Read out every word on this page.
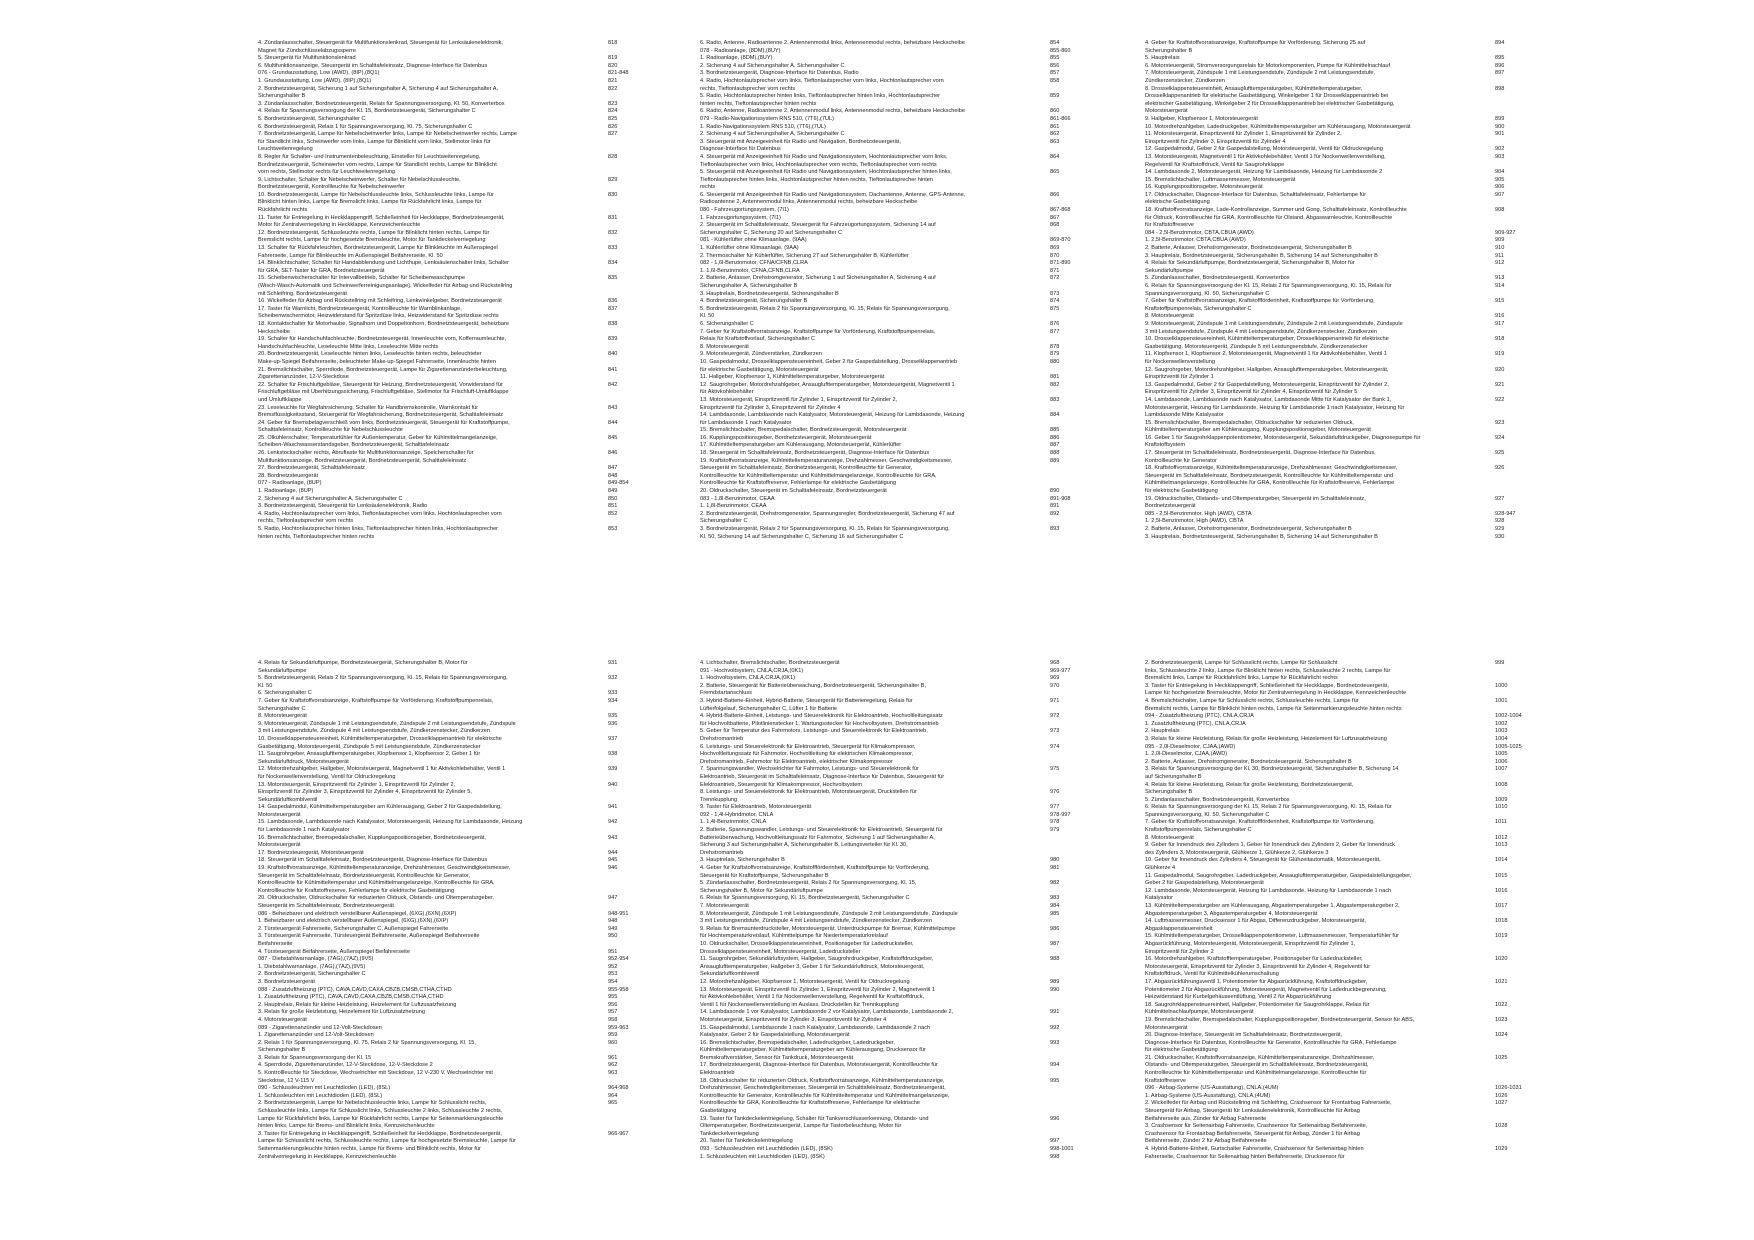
4. Zündanlassschalter, Steuergerät für Multifunktionslenkrad, Steuergerät für Lenksäulenelektronik,	818
Magnet für Zündschlüsselabzugssperre
5. Steuergerät für Multifunktionslenkrad	819
6. Multifunktionsanzeige, Steuergerät im Schalttafeleinsatz, Diagnose-Interface für Datenbus	820
076 - Grundausstattung, Low (AWD), (8IP),(8Q1)	821-848
1. Grundausstattung, Low (AWD), (8IP),(8Q1)	821
2. Bordnetzsteuergerät, Sicherung 1 auf Sicherungshalter A, Sicherung 4 auf Sicherungshalter A,	822
Sicherungshalter B
3. Zündanlassschalter, Bordnetzsteuergerät, Relais für Spannungsversorgung, Kl. 50, Konverterbox	823
4. Relais für Spannungsversorgung der Kl. 15, Bordnetzsteuergerät, Sicherungshalter C	824
5. Bordnetzsteuergerät, Sicherungshalter C	825
6. Bordnetzsteuergerät, Relais 1 für Spannungsversorgung, Kl. 75, Sicherungshalter C	826
7. Bordnetzsteuergerät, Lampe für Nebelscheinwerfer links, Lampe für Nebelscheinwerfer rechts, Lampe	827
für Standlicht links, Scheinwerfer vorn links, Lampe für Blinklicht vorn links, Stellmotor links für
Leuchtweitenregelung
8. Regler für Schalter- und Instrumentenbeleuchtung, Einsteller für Leuchtweitenregelung,	828
Bordnetzsteuergerät, Scheinwerfer vorn rechts, Lampe für Standlicht rechts, Lampe für Blinklicht
vorn rechts, Stellmotor rechts für Leuchtweitenregelung
9. Lichtschalter, Schalter für Nebelscheinwerfer, Schalter für Nebelschlussleuchte,	829
Bordnetzsteuergerät, Kontrollleuchte für Nebelscheinwerfer
10. Bordnetzsteuergerät, Lampe für Nebelschlussleuchte links, Schlussleuchte links, Lampe für	830
Blinklicht hinten links, Lampe für Bremslicht links, Lampe für Rückfahrlicht links, Lampe für
Rückfahrlicht rechts
11. Taster für Entriegelung in Heckklappengriff, Schließeinheit für Heckklappe, Bordnetzsteuergerät,	831
Motor für Zentralverriegelung in Heckklappe, Kennzeichenleuchte
12. Bordnetzsteuergerät, Schlussleuchte rechts, Lampe für Blinklicht hinten rechts, Lampe für	832
Bremslicht rechts, Lampe für hochgesetzte Bremsleuchte, Motor für Tankdeckelverriegelung
13. Schalter für Rückfahrleuchten, Bordnetzsteuergerät, Lampe für Blinkleuchte im Außenspiegel	833
Fahrerseite, Lampe für Blinkleuchte im Außenspiegel Beifahrerseite, Kl. 50
14. Blinklichtschalter, Schalter für Handabblendung und Lichthupe, Lenksäulenschalter links, Schalter	834
für GRA, SET-Taster für GRA, Bordnetzsteuergerät
15. Scheibenwischerschalter für Intervallbetrieb, Schalter für Scheibenwaschpumpe	835
(Wisch-Wasch-Automatik und Scheinwerferreinigungsanlage), Wickelfeder für Airbag und Rückstellring
mit Schleifring, Bordnetzsteuergerät
16. Wickelfeder für Airbag und Rückstellring mit Schleifring, Lenkwinkelgeber, Bordnetzsteuergerät	836
17. Taster für Warnlicht, Bordnetzsteuergerät, Kontrollleuchte für Warnblinkanlage,	837
Scheibenwischermotor, Heizwiderstand für Spritzdüse links, Heizwiderstand für Spritzdüse rechts
18. Kontaktschalter für Motorhaube, Signalhorn und Doppeltonhorn, Bordnetzsteuergerät, beheizbare	838
Heckscheibe
19. Schalter für Handschuhfachleuchte, Bordnetzsteuergerät, Innenleuchte vorn, Kofferraumleuchte,	839
Handschuhfachleuchte, Leseleuchte Mitte links, Leseleuchte Mitte rechts
20. Bordnetzsteuergerät, Leseleuchte hinten links, Leseleuchte hinten rechts, beleuchteter	840
Make-up-Spiegel Beifahrerseite, beleuchteter Make-up-Spiegel Fahrerseite, Innenleuchte hinten
21. Bremslichtschalter, Sperrdiode, Bordnetzsteuergerät, Lampe für Zigarettenanzünderbeleuchtung,	841
Zigarettenanzünder, 12-V-Steckdose
22. Schalter für Frischluftgebläse, Steuergerät für Heizung, Bordnetzsteuergerät, Vorwiderstand für	842
Frischluftgebläse mit Überhitzungssicherung, Frischluftgebläse, Stellmotor für Frischluft-Umluftklappe
und Umluftklappe
23. Leseleuchte für Wegfahrsicherung, Schalter für Handbremskontrolle, Warnkontakt für	843
Bremsflüssigkeitsstand, Steuergerät für Wegfahrsicherung, Bordnetzsteuergerät, Schalttafeleinsatz
24. Geber für Bremsbelagverschleiß vorn links, Bordnetzsteuergerät, Steuergerät für Kraftstoffpumpe,	844
Schalttafeleinsatz, Kontrollleuchte für Nebelschlussleuchte
25. Ölkühlerschalter, Temperaturfühler für Außentemperatur, Geber für Kühlmittelmangelanzeige,	845
Scheiben-Waschwasserstandsgeber, Bordnetzsteuergerät, Schalttafeleinsatz
26. Lenkstockschalter rechts, Abruftaste für Multifunktionsanzeige, Speicherschalter für	846
Multifunktionsanzeige, Bordnetzsteuergerät, Bordnetzsteuergerät, Schalttafeleinsatz
27. Bordnetzsteuergerät, Schalttafeleinsatz	847
28. Bordnetzsteuergerät	848
077 - Radioanlage, (8UP)	849-854
1. Radioanlage, (8UP)	849
2. Sicherung 4 auf Sicherungshalter A, Sicherungshalter C	850
3. Bordnetzsteuergerät, Steuergerät für Lenksäulenelektronik, Radio	851
4. Radio, Hochtonlautsprecher vorn links, Tieftonlautsprecher vorn links, Hochtonlautsprecher vorn	852
rechts, Tieftonlautsprecher vorn rechts
5. Radio, Hochtonlautsprecher hinten links, Tieftonlautsprecher hinten links, Hochtonlautsprecher	853
hinten rechts, Tieftonlautsprecher hinten rechts
6. Radio, Antenne, Radioantenne 2, Antennenmodul links, Antennenmodul rechts, beheizbare Heckscheibe	854
078 - Radioanlage, (8DM),(8UY)	855-860
1. Radioanlage, (8DM),(8UY)	855
2. Sicherung 4 auf Sicherungshalter A, Sicherungshalter C	856
3. Bordnetzsteuergerät, Diagnose-Interface für Datenbus, Radio	857
4. Radio, Hochtonlautsprecher vorn links, Tieftonlautsprecher vorn links, Hochtonlautsprecher vorn	858
rechts, Tieftonlautsprecher vorn rechts
5. Radio, Hochtonlautsprecher hinten links, Tieftonlautsprecher hinten links, Hochtonlautsprecher	859
hinten rechts, Tieftonlautsprecher hinten rechts
6. Radio, Antenne, Radioantenne 2, Antennenmodul links, Antennenmodul rechts, beheizbare Heckscheibe	860
079 - Radio-Navigationssystem RNS 510, (7T6),(7UL)	861-866
1. Radio-Navigationssystem RNS 510, (7T6),(7UL)	861
2. Sicherung 4 auf Sicherungshalter A, Sicherungshalter C	862
3. Steuergerät mit Anzeigeeinheit für Radio und Navigation, Bordnetzsteuergerät,	863
Diagnose-Interface für Datenbus
4. Steuergerät mit Anzeigeeinheit für Radio und Navigationssystem, Hochtonlautsprecher vorn links,	864
Tieftonlautsprecher vorn links, Hochtonlautsprecher vorn rechts, Tieftonlautsprecher vorn rechts
5. Steuergerät mit Anzeigeeinheit für Radio und Navigationssystem, Hochtonlautsprecher hinten links,	865
Tieftonlautsprecher hinten links, Hochtonlautsprecher hinten rechts, Tieftonlautsprecher hinten
rechts
6. Steuergerät mit Anzeigeeinheit für Radio und Navigationssystem, Dachantenne, Antenne, GPS-Antenne,	866
Radioantenne 2, Antennenmodul links, Antennenmodul rechts, beheizbare Heckscheibe
080 - Fahrzeugortungssystem, (7I1)	867-868
1. Fahrzeugortungssystem, (7I1)	867
2. Steuergerät im Schalttafeleinsatz, Steuergerät für Fahrzeugortungssystem, Sicherung 14 auf	868
Sicherungshalter C, Sicherung 20 auf Sicherungshalter C
081 - Kühlerlüfter ohne Klimaanlage, (9AA)	869-870
1. Kühlerlüfter ohne Klimaanlage, (9AA)	869
2. Thermoschalter für Kühlerlüfter, Sicherung 27 auf Sicherungshalter B, Kühlerlüfter	870
082 - 1,6l-Benzinmotor, CFNA/CFNB,CLRA	871-890
1. 1,6l-Benzinmotor, CFNA,CFNB,CLRA	871
2. Batterie, Anlasser, Drehstromgenerator, Sicherung 1 auf Sicherungshalter A, Sicherung 4 auf	872
Sicherungshalter A, Sicherungshalter B
3. Hauptrelais, Bordnetzsteuergerät, Sicherungshalter B	873
4. Bordnetzsteuergerät, Sicherungshalter B	874
5. Bordnetzsteuergerät, Relais 2 für Spannungsversorgung, Kl. 15, Relais für Spannungsversorgung,	875
Kl. 50
6. Sicherungshalter C	876
7. Geber für Kraftstoffvorratsanzeige, Kraftstoffpumpe für Vorförderung, Kraftstoffpumpenrelais,	877
Relais für Kraftstoffvorlauf, Sicherungshalter C
8. Motorsteuergerät	878
9. Motorsteuergerät, Zündverstärker, Zündkerzen	879
10. Gaspedalmodul, Drosselklappensteuereinheit, Geber 2 für Gaspedalstellung, Drosselklappenantrieb	880
für elektrische Gasbetätigung, Motorsteuergerät
11. Hallgeber, Klopfsensor 1, Kühlmitteltemperaturgeber, Motorsteuergerät	881
12. Saugrohrgeber, Motordrehzahlgeber, Ansauglufttemperaturgeber, Motorsteuergerät, Magnetventil 1	882
für Aktivkohlebehälter
13. Motorsteuergerät, Einspritzventil für Zylinder 1, Einspritzventil für Zylinder 2,	883
Einspritzventil für Zylinder 3, Einspritzventil für Zylinder 4
14. Lambdasonde, Lambdasonde nach Katalysator, Motorsteuergerät, Heizung für Lambdasonde, Heizung	884
für Lambdasonde 1 nach Katalysator
15. Bremslichtschalter, Bremspedalschalter, Bordnetzsteuergerät, Motorsteuergerät	885
16. Kupplungspositionsgeber, Bordnetzsteuergerät, Motorsteuergerät	886
17. Kühlmitteltemperaturgeber am Kühlerausgang, Motorsteuergerät, Kühlerlüfter	887
18. Steuergerät im Schalttafeleinsatz, Bordnetzsteuergerät, Diagnose-Interface für Datenbus	888
19. Kraftstoffvorratsanzeige, Kühlmitteltemperaturanzeige, Drehzahlmesser, Geschwindigkeitsmesser,	889
Steuergerät im Schalttafeleinsatz, Bordnetzsteuergerät, Kontrollleuchte für Generator,
Kontrollleuchte für Kühlmitteltemperatur und Kühlmittelmangelanzeige, Kontrollleuchte für GRA,
Kontrollleuchte für Kraftstoffreserve, Fehlerlampe für elektrische Gasbetätigung
20. Öldruckschalter, Steuergerät im Schalttafeleinsatz, Bordnetzsteuergerät	890
083 - 1,8l-Benzinmotor, CEAA	891-908
1. 1,8l-Benzinmotor, CEAA	891
2. Bordnetzsteuergerät, Drehstromgenerator, Spannungsregler, Bordnetzsteuergerät, Sicherung 47 auf	892
Sicherungshalter C
3. Bordnetzsteuergerät, Relais 2 für Spannungsversorgung, Kl. 15, Relais für Spannungsversorgung,	893
Kl. 50, Sicherung 14 auf Sicherungshalter C, Sicherung 16 auf Sicherungshalter C
4. Geber für Kraftstoffvorratsanzeige, Kraftstoffpumpe für Vorförderung, Sicherung 25 auf	894
Sicherungshalter B
5. Hauptrelais	895
6. Motorsteuergerät, Stromversorgungsrelais für Motorkomponenten, Pumpe für Kühlmittelnachlauf	896
7. Motorsteuergerät, Zündspule 1 mit Leistungsendstufe, Zündspule 2 mit Leistungsendstufe,	897
Zündkerzenstecker, Zündkerzen
8. Drosselklappensteuereinheit, Ansauglufttemperaturgeber, Kühlmitteltemperaturgeber,	898
Drosselklappenantrieb für elektrische Gasbetätigung, Winkelgeber 1 für Drosselklappenantrieb bei
elektrischer Gasbetätigung, Winkelgeber 2 für Drosselklappenantrieb bei elektrischer Gasbetätigung,
Motorsteuergerät
9. Hallgeber, Klopfsensor 1, Motorsteuergerät	899
10. Motordrehzahlgeber, Ladedruckgeber, Kühlmitteltemperaturgeber am Kühlerausgang, Motorsteuergerät	900
11. Motorsteuergerät, Einspritzventil für Zylinder 1, Einspritzventil für Zylinder 2,	901
Einspritzventil für Zylinder 3, Einspritzventil für Zylinder 4
12. Gaspedalmodul, Geber 2 für Gaspedalstellung, Motorsteuergerät, Ventil für Öldruckregelung	902
13. Motorsteuergerät, Magnetventil 1 für Aktivkohlebehälter, Ventil 1 für Nockenwellenverstellung,	903
Regelventil für Kraftstoffdruck, Ventil für Saugrohrklappe
14. Lambdasonde 2, Motorsteuergerät, Heizung für Lambdasonde, Heizung für Lambdasonde 2	904
15. Bremslichtschalter, Luftmassenmesser, Motorsteuergerät	905
16. Kupplungspositionsgeber, Motorsteuergerät	906
17. Öldruckschalter, Diagnose-Interface für Datenbus, Schalttafeleinsatz, Fehlerlampe für	907
elektrische Gasbetätigung
18. Kraftstoffvorratsanzeige, Lade-Kontrollanzeige, Summer und Gong, Schalttafeleinsatz, Kontrollleuchte	908
für Öldruck, Kontrollleuchte für GRA, Kontrollleuchte für Ölstand, Abgaswarnleuchte, Kontrollleuchte
für Kraftstoffreserve
084 - 2,5l-Benzinmotor, CBTA,CBUA (AWD)	909-927
1. 2,5l-Benzinmotor, CBTA,CBUA (AWD)	909
2. Batterie, Anlasser, Drehstromgenerator, Bordnetzsteuergerät, Sicherungshalter B	910
3. Hauptrelais, Bordnetzsteuergerät, Sicherungshalter B, Sicherung 14 auf Sicherungshalter B	911
4. Relais für Sekundärluftpumpe, Bordnetzsteuergerät, Sicherungshalter B, Motor für	912
Sekundärluftpumpe
5. Zündanlassschalter, Bordnetzsteuergerät, Konverterbox	913
6. Relais für Spannungsversorgung der Kl. 15, Relais 2 für Spannungsversorgung, Kl. 15, Relais für	914
Spannungsversorgung, Kl. 50, Sicherungshalter C
7. Geber für Kraftstoffvorratsanzeige, Kraftstoffförderinheit, Kraftstoffpumpe für Vorförderung,	915
Kraftstoffpumpenrelais, Sicherungshalter C
8. Motorsteuergerät	916
9. Motorsteuergerät, Zündspule 1 mit Leistungsendstufe, Zündspule 2 mit Leistungsendstufe, Zündspule	917
3 mit Leistungsendstufe, Zündspule 4 mit Leistungsendstufe, Zündkerzenstecker, Zündkerzen
10. Drosselklappensteuereinheit, Kühlmitteltemperaturgeber, Drosselklappenantrieb für elektrische	918
Gasbetätigung, Motorsteuergerät, Zündspule 5 mit Leistungsendstufe, Zündkerzenstecker
11. Klopfsensor 1, Klopfsensor 2, Motorsteuergerät, Magnetventil 1 für Aktivkohlebehälter, Ventil 1	919
für Nockenwellenverstellung
12. Saugrohrgeber, Motordrehzahlgeber, Hallgeber, Ansauglufttemperaturgeber, Motorsteuergerät,	920
Einspritzventil für Zylinder 1
13. Gaspedalmodul, Geber 2 für Gaspedalstellung, Motorsteuergerät, Einspritzventil für Zylinder 2,	921
Einspritzventil für Zylinder 3, Einspritzventil für Zylinder 4, Einspritzventil für Zylinder 5
14. Lambdasonde, Lambdasonde nach Katalysator, Lambdasonde Mitte für Katalysator der Bank 1,	922
Motorsteuergerät, Heizung für Lambdasonde, Heizung für Lambdasonde 1 nach Katalysator, Heizung für
Lambdasonde Mitte Katalysator
15. Bremslichtschalter, Bremspedalschalter, Öldruckschalter für reduzierten Öldruck,	923
Kühlmitteltemperaturgeber am Kühlerausgang, Kupplungspositionsgeber, Motorsteuergerät
16. Geber 1 für Saugrohrklappenpotentiometer, Motorsteuergerät, Sekundärluftdruckgeber, Diagnosepumpe für	924
Kraftstoffsystem
17. Steuergerät im Schalttafeleinsatz, Bordnetzsteuergerät, Diagnose-Interface für Datenbus,	925
Kontrollleuchte für Generator
18. Kraftstoffvorratsanzeige, Kühlmitteltemperaturanzeige, Drehzahlmesser, Geschwindigkeitsmesser,	926
Steuergerät im Schalttafeleinsatz, Bordnetzsteuergerät, Kontrollleuchte für Kühlmitteltemperatur und
Kühlmittelmangelanzeige, Kontrollleuchte für GRA, Kontrollleuchte für Kraftstoffreserve, Fehlerlampe
für elektrische Gasbetätigung
19. Öldruckschalter, Ölstands- und Öltemperaturgeber, Steuergerät im Schalttafeleinsatz,	927
Bordnetzsteuergerät
085 - 2,5l-Benzinmotor, High (AWD), CBTA	928-947
1. 2,5l-Benzinmotor, High (AWD), CBTA	928
2. Batterie, Anlasser, Drehstromgenerator, Bordnetzsteuergerät, Sicherungshalter B	929
3. Hauptrelais, Bordnetzsteuergerät, Sicherungshalter B, Sicherung 14 auf Sicherungshalter B	930
4. Relais für Sekundärluftpumpe, Bordnetzsteuergerät, Sicherungshalter B, Motor für	931
Sekundärluftpumpe
5. Bordnetzsteuergerät, Relais 2 für Spannungsversorgung, Kl. 15, Relais für Spannungsversorgung,	932
Kl. 50
6. Sicherungshalter C	933
7. Geber für Kraftstoffvorratsanzeige, Kraftstoffpumpe für Vorförderung, Kraftstoffpumpenrelais,	934
Sicherungshalter C
8. Motorsteuergerät	935
9. Motorsteuergerät, Zündspule 1 mit Leistungsendstufe, Zündspule 2 mit Leistungsendstufe, Zündspule	936
3 mit Leistungsendstufe, Zündspule 4 mit Leistungsendstufe, Zündkerzenstecker, Zündkerzen
10. Drosselklappensteuereinheit, Kühlmitteltemperaturgeber, Drosselklappenantrieb für elektrische	937
Gasbetätigung, Motorsteuergerät, Zündspule 5 mit Leistungsendstufe, Zündkerzenstecker
11. Saugrohrgeber, Ansauglufttemperaturgeber, Klopfsensor 1, Klopfsensor 2, Geber 1 für	938
Sekundärluftdruck, Motorsteuergerät
12. Motordrehzahlgeber, Hallgeber, Motorsteuergerät, Magnetventil 1 für Aktivkohlebehälter, Ventil 1	939
für Nockenwellenverstellung, Ventil für Öldruckregelung
13. Motorsteuergerät, Einspritzventil für Zylinder 1, Einspritzventil für Zylinder 2,	940
Einspritzventil für Zylinder 3, Einspritzventil für Zylinder 4, Einspritzventil für Zylinder 5,
Sekundärluftkombiventil
14. Gaspedalmodul, Kühlmitteltemperaturgeber am Kühlerausgang, Geber 2 für Gaspedalstellung,	941
Motorsteuergerät
15. Lambdasonde, Lambdasonde nach Katalysator, Motorsteuergerät, Heizung für Lambdasonde, Heizung	942
für Lambdasonde 1 nach Katalysator
16. Bremslichtschalter, Bremspedalschalter, Kupplungspositionsgeber, Bordnetzsteuergerät,	943
Motorsteuergerät
17. Bordnetzsteuergerät, Motorsteuergerät	944
18. Steuergerät im Schalttafeleinsatz, Bordnetzsteuergerät, Diagnose-Interface für Datenbus	945
19. Kraftstoffvorratsanzeige, Kühlmitteltemperaturanzeige, Drehzahlmesser, Geschwindigkeitsmesser,	946
Steuergerät im Schalttafeleinsatz, Bordnetzsteuergerät, Kontrollleuchte für Generator,
Kontrollleuchte für Kühlmitteltemperatur und Kühlmittelmangelanzeige, Kontrollleuchte für GRA,
Kontrollleuchte für Kraftstoffreserve, Fehlerlampe für elektrische Gasbetätigung
20. Öldruckschalter, Öldruckschalter für reduzierten Öldruck, Ölstands- und Öltemperaturgeber,	947
Steuergerät im Schalttafeleinsatz, Bordnetzsteuergerät
086 - Beheizbarer und elektrisch verstellbarer Außenspiegel, (6XG),(6XN),(6XP)	948-951
1. Beheizbarer und elektrisch verstellbarer Außenspiegel, (6XG),(6XN),(6XP)	948
2. Türsteuergerät Fahrerseite, Sicherungshalter C, Außenspiegel Fahrerseite	949
3. Türsteuergerät Fahrerseite, Türsteuergerät Beifahrerseite, Außenspiegel Beifahrerseite	950
Beifahrerseite
4. Türsteuergerät Beifahrerseite, Außenspiegel Beifahrerseite	951
087 - Diebstahlwarnanlage, (7AG),(7AZ),(9V5)	952-954
1. Diebstahlwarnanlage, (7AG),(7AZ),(9V5)	952
2. Bordnetzsteuergerät, Sicherungshalter C	953
3. Bordnetzsteuergerät	954
088 - Zusatzluftheizung (PTC), CAVA,CAVD,CAXA,CBZB,CMSB,CTHA,CTHD	955-958
1. Zusatzluftheizung (PTC), CAVA,CAVD,CAXA,CBZB,CMSB,CTHA,CTHD	955
2. Hauptrelais, Relais für kleine Heizleistung, Heizelement für Luftzusatzheizung	956
3. Relais für große Heizleistung, Heizelement für Luftzusatzheizung	957
4. Motorsteuergerät	958
089 - Zigarettenanzünder und 12-Volt-Steckdosen	959-963
1. Zigarettenanzünder und 12-Volt-Steckdosen	959
2. Relais 1 für Spannungsversorgung, Kl. 75, Relais 2 für Spannungsversorgung, Kl. 15,	960
Sicherungshalter B
3. Relais für Spannungsversorgung der Kl. 15	961
4. Sperrdiode, Zigarettenanzünder, 12-V-Steckdose, 12-V-Steckdose 2	962
5. Kontrollleuchte für Steckdose, Wechselrichter mit Steckdose, 12 V-230 V, Wechselrichter mit	963
Steckdose, 12 V-115 V
090 - Schlussleuchten mit Leuchtdioden (LED), (8SL)	964-968
1. Schlussleuchten mit Leuchtdioden (LED), (8SL)	964
2. Bordnetzsteuergerät, Lampe für Nebelschlussleuchte links, Lampe für Schlusslicht rechts,	965
Schlussleuchte links, Lampe für Schlusslicht links, Schlussleuchte 2 links, Schlussleuchte 2 rechts,
Lampe für Rückfahrlicht links, Lampe für Rückfahrlicht rechts, Lampe für Seitenmarkierungsleuchte
hinten links, Lampe für Brems- und Blinklicht links, Kennzeichenleuchte
3. Taster für Entriegelung in Heckklappengriff, Schließeinheit für Heckklappe, Bordnetzsteuergerät,	966-967
Lampe für Schlusslicht rechts, Schlussleuchte rechts, Lampe für hochgesetzte Bremsleuchte, Lampe für
Seitenmarkierungsleuchte hinten rechts, Lampe für Brems- und Blinklicht rechts, Motor für
Zentralverriegelung in Heckklappe, Kennzeichenleuchte
4. Lichtschalter, Bremslichtschalter, Bordnetzsteuergerät	968
091 - Hochvoltsystem, CNLA,CRJA,(0K1)	969-977
1. Hochvoltsystem, CNLA,CRJA,(0K1)	969
2. Batterie, Steuergerät für Batterieüberwachung, Bordnetzsteuergerät, Sicherungshalter B,	970
Fremdstartanschluss
3. Hybrid-Batterie-Einheit, Hybrid-Batterie, Steuergerät für Batterieregelung, Relais für	971
Lüfterfolgelauf, Sicherungshalter C, Lüfter 1 für Batterie
4. Hybrid-Batterie-Einheit, Leistungs- und Steuerelektronik für Elektroantrieb, Hochvoltleitungssatz	972
für Hochvoltbatterie, Pilotlinienstecker 1, Wartungsstecker für Hochvoltsystem, Drehstromantrieb
5. Geber für Temperatur des Fahrmotors, Leistungs- und Steuerelektronik für Elektroantrieb,	973
Drehstromantrieb
6. Leistungs- und Steuerelektronik für Elektroantrieb, Steuergerät für Klimakompressor,	974
Hochvoltleitungssatz für Fahrmotor, Hochvoltleitung für elektrischen Klimakompressor,
Drehstromantrieb, Fahrmotor für Elektroantrieb, elektrischer Klimakompressor
7. Spannungswandler, Wechselrichter für Fahrmotor, Leistungs- und Steuerelektronik für	975
Elektroantrieb, Steuergerät im Schalttafeleinsatz, Diagnose-Interface für Datenbus, Steuergerät für
Elektroantrieb, Steuergerät für Klimakompressor, Hochvoltsystem
8. Leistungs- und Steuerelektronik für Elektroantrieb, Motorsteuergerät, Druckstellen für	976
Trennkupplung
9. Taster für Elektroantrieb, Motorsteuergerät	977
092 - 1,4l-Hybridmotor, CNLA	978-997
1. 1,4l-Benzinmotor, CNLA	978
2. Batterie, Spannungswandler, Leistungs- und Steuerelektronik für Elektroantrieb, Steuergerät für	979
Batterieüberwachung, Hochvoltleitungssatz für Fahrmotor, Sicherung 1 auf Sicherungshalter A,
Sicherung 3 auf Sicherungshalter A, Sicherungshalter B, Leitungsverteiler für Kl. 30,
Drehstromantrieb
3. Hauptrelais, Sicherungshalter B	980
4. Geber für Kraftstoffvorratsanzeige, Kraftstoffförderinheit, Kraftstoffpumpe für Vorförderung,	981
Steuergerät für Kraftstoffpumpe, Sicherungshalter B
5. Zündanlassschalter, Bordnetzsteuergerät, Relais 2 für Spannungsversorgung, Kl. 15,	982
Sicherungshalter B, Motor für Sekundärluftpumpe
6. Relais für Spannungsversorgung, Kl. 15, Bordnetzsteuergerät, Sicherungshalter C	983
7. Motorsteuergerät	984
8. Motorsteuergerät, Zündspule 1 mit Leistungsendstufe, Zündspule 2 mit Leistungsendstufe, Zündspule	985
3 mit Leistungsendstufe, Zündspule 4 mit Leistungsendstufe, Zündkerzenstecker, Zündkerzen
9. Relais für Bremsunterdrucksteller, Motorsteuergerät, Unterdruckpumpe für Bremse, Kühlmittelpumpe	986
für Hochtemperaturkreislauf, Kühlmittelpumpe für Niedertemperaturkreislauf
10. Öldruckschalter, Drosselklappensteuereinheit, Positionsgeber für Ladedrucksteller,	987
Drosselklappensteuereinheit, Motorsteuergerät, Ladedrucksteller
11. Saugrohrgeber, Sekundärluftsystem, Hallgeber, Saugrohrdruckgeber, Kraftstoffdruckgeber,	988
Ansauglufttemperaturgeber, Hallgeber 3, Geber 1 für Sekundärluftdruck, Motorsteuergerät,
Sekundärluftkombiventil
12. Motordrehzahlgeber, Klopfsensor 1, Motorsteuergerät, Ventil für Öldruckregelung	989
13. Motorsteuergerät, Einspritzventil für Zylinder 1, Einspritzventil für Zylinder 2, Magnetventil 1	990
für Aktivkohlebehälter, Ventil 1 für Nockenwellenverstellung, Regelventil für Kraftstoffdruck,
Ventil 1 für Nockenwellenverstellung im Auslass, Druckstellen für Trennkupplung
14. Lambdasonde 1 vor Katalysator, Lambdasonde 2 vor Katalysator, Lambdasonde, Lambdasonde 2,	991
Motorsteuergerät, Einspritzventil für Zylinder 3, Einspritzventil für Zylinder 4
15. Gaspedalmodul, Lambdasonde 1 nach Katalysator, Lambdasonde, Lambdasonde 2 nach	992
Katalysator, Geber 2 für Gaspedalstellung, Motorsteuergerät
16. Bremslichtschalter, Bremspedalschalter, Ladedruckgeber, Ladedruckgeber,	993
Kühlmitteltemperaturgeber, Kühlmitteltemperaturgeber am Kühlerausgang, Drucksensor für
Bremskraftverstärker, Sensor für Tankdruck, Motorsteuergerät
17. Bordnetzsteuergerät, Diagnose-Interface für Datenbus, Motorsteuergerät, Kontrollleuchte für	994
Elektroantrieb
18. Öldruckschalter für reduzierten Öldruck, Kraftstoffvorratsanzeige, Kühlmitteltemperaturanzeige,	995
Drehzahlmesser, Geschwindigkeitsmesser, Steuergerät im Schalttafeleinsatz, Bordnetzsteuergerät,
Kontrollleuchte für Generator, Kontrollleuchte für Kühlmitteltemperatur und Kühlmittelmangelanzeige,
Kontrollleuchte für GRA, Kontrollleuchte für Kraftstoffreserve, Fehlerlampe für elektrische
Gasbetätigung
19. Taster für Tankdeckelentriegelung, Schalter für Tankverschlusserkennung, Ölstands- und	996
Öltemperaturgeber, Bordnetzsteuergerät, Lampe für Tastorbeleuchtung, Motor für
Tankdeckelverriegelung
20. Taster für Tankdeckelentriegelung	997
093 - Schlussleuchten mit Leuchtdioden (LED), (8SK)	998-1001
1. Schlussleuchten mit Leuchtdioden (LED), (8SK)	998
2. Bordnetzsteuergerät, Lampe für Schlusslicht rechts, Lampe für Schlusslicht	999
links, Schlussleuchte 2 links, Lampe für Blinklicht hinten rechts, Schlussleuchte 2 rechts, Lampe für
Bremslicht links, Lampe für Rückfahrlicht links, Lampe für Rückfahrlicht rechts
3. Taster für Entriegelung in Heckklappengriff, Schließeinheit für Heckklappe, Bordnetzsteuergerät,	1000
Lampe für hochgesetzte Bremsleuchte, Motor für Zentralverriegelung in Heckklappe, Kennzeichenleuchte
4. Bremslichtschalter, Lampe für Schlusslicht rechts, Schlussleuchte rechts, Lampe für	1001
Bremslicht rechts, Lampe für Blinklicht hinten rechts, Lampe für Seitenmarkierungsleuchte hinten rechts
094 - Zusatzluftheizung (PTC), CNLA,CRJA	1002-1004
1. Zusatzluftheizung (PTC), CNLA,CRJA	1002
2. Hauptrelais	1003
3. Relais für kleine Heizleistung, Relais für große Heizleistung, Heizelement für Luftzusatzheizung	1004
095 - 2,0l-Dieselmotor, CJAA,(AWD)	1005-1025
1. 2,0l-Dieselmotor, CJAA,(AWD)	1005
2. Batterie, Anlasser, Drehstromgenerator, Bordnetzsteuergerät, Sicherungshalter B	1006
3. Relais für Spannungsversorgung der Kl. 30, Bordnetzsteuergerät, Sicherungshalter B, Sicherung 14	1007
auf Sicherungshalter B
4. Relais für kleine Heizleistung, Relais für große Heizleistung, Bordnetzsteuergerät,	1008
Sicherungshalter B
5. Zündanlassschalter, Bordnetzsteuergerät, Konverterbox	1009
6. Relais für Spannungsversorgung der Kl. 15, Relais 2 für Spannungsversorgung, Kl. 15, Relais für	1010
Spannungsversorgung, Kl. 50, Sicherungshalter C
7. Geber für Kraftstoffvorratsanzeige, Kraftstoffförderinheit, Kraftstoffpumpe für Vorförderung,	1011
Kraftstoffpumpenrelais, Sicherungshalter C
8. Motorsteuergerät	1012
9. Geber für Innendruck des Zylinders 1, Geber für Innendruck des Zylinders 2, Geber für Innendruck	1013
des Zylinders 3, Motorsteuergerät, Glühkerze 1, Glühkerze 2, Glühkerze 3
10. Geber für Innendruck des Zylinders 4, Steuergerät für Glühzeitautomatik, Motorsteuergerät,	1014
Glühkerze 4
11. Gaspedalmodul, Saugrohrgeber, Ladedruckgeber, Ansauglufttemperaturgeber, Gaspedalstellungsgeber,	1015
Geber 2 für Gaspedalstellung, Motorsteuergerät
12. Lambdasonde, Motorsteuergerät, Heizung für Lambdasonde, Heizung für Lambdasonde 1 nach	1016
Katalysator
13. Kühlmitteltemperaturgeber am Kühlerausgang, Abgastemperaturgeber 1, Abgastemperaturgeber 2,	1017
Abgastemperaturgeber 3, Abgastemperaturgeber 4, Motorsteuergerät
14. Luftmassenmesser, Drucksensor 1 für Abgas, Differenzdruckgeber, Motorsteuergerät,	1018
Abgasklappensteuereinheit
15. Kühlmitteltemperaturgeber, Drosselklappenpotentiometer, Luftmassenmesser, Temperaturfühler für	1019
Abgasrückführung, Motorsteuergerät, Motorsteuergerät, Einspritzventil für Zylinder 1,
Einspritzventil für Zylinder 2
16. Motordrehzahlgeber, Kraftstofftemperaturgeber, Positionsgeber für Ladedrucksteller,	1020
Motorsteuergerät, Einspritzventil für Zylinder 3, Einspritzventil für Zylinder 4, Regelventil für
Kraftstoffdruck, Ventil für Kühlmittelkühlerumschaltung
17. Abgasrückführungsventil 1, Potentiometer für Abgasrückführung, Kraftstoffdruckgeber,	1021
Potentiometer 2 für Abgasrückführung, Motorsteuergerät, Magnetventil für Ladedruckbegrenzung,
Heizwiderstand für Kurbelgehäuseentlüftung, Ventil 2 für Abgasrückführung
18. Saugrohrklappensteuereinheit, Hallgeber, Potentiometer für Saugrohrklappe, Relais für	1022
Kühlmittelnachlaufpumpe, Motorsteuergerät
19. Bremslichtschalter, Bremspedalschalter, Kupplungspositionsgeber, Bordnetzsteuergerät, Sensor für ABS,	1023
Motorsteuergerät
20. Diagnose-Interface, Steuergerät im Schalttafeleinsatz, Bordnetzsteuergerät,	1024
Diagnose-Interface für Datenbus, Kontrollleuchte für Generator, Kontrollleuchte für GRA, Fehlerlampe
für elektrische Gasbetätigung
21. Öldruckschalter, Kraftstoffvorratsanzeige, Kühlmitteltemperaturanzeige, Drehzahlmesser,	1025
Ölstands- und Öltemperaturgeber, Steuergerät im Schalttafeleinsatz, Bordnetzsteuergerät,
Kontrollleuchte für Kühlmitteltemperatur und Kühlmittelmangelanzeige, Kontrollleuchte für
Kraftstoffreserve
096 - Airbag-Systeme (US-Ausstattung), CNLA,(4UM)	1026-1031
1. Airbag-Systeme (US-Ausstattung), CNLA,(4UM)	1026
2. Wickelfeder für Airbag und Rückstellring mit Schleifring, Crashsensor für Frontairbag Fahrerseite,	1027
Steuergerät für Airbag, Steuergerät für Lenksäulenelektronik, Kontrollleuchte für Airbag
Beifahrerseite aus, Zünder für Airbag Fahrerseite
3. Crashsensor für Seitenairbag Fahrerseite, Crashsensor für Seitenairbag Beifahrerseite,	1028
Crashsensor für Frontairbag Beifahrerseite, Steuergerät für Airbag, Zünder 1 für Airbag
Beifahrerseite, Zünder 2 für Airbag Beifahrerseite
4. Hybrid-Batterie-Einheit, Gurtschalter Fahrerseite, Crashsensor für Seitenairbag hinten	1029
Fahrerseite, Crashsensor für Seitenairbag hinten Beifahrerseite, Drucksensor für
